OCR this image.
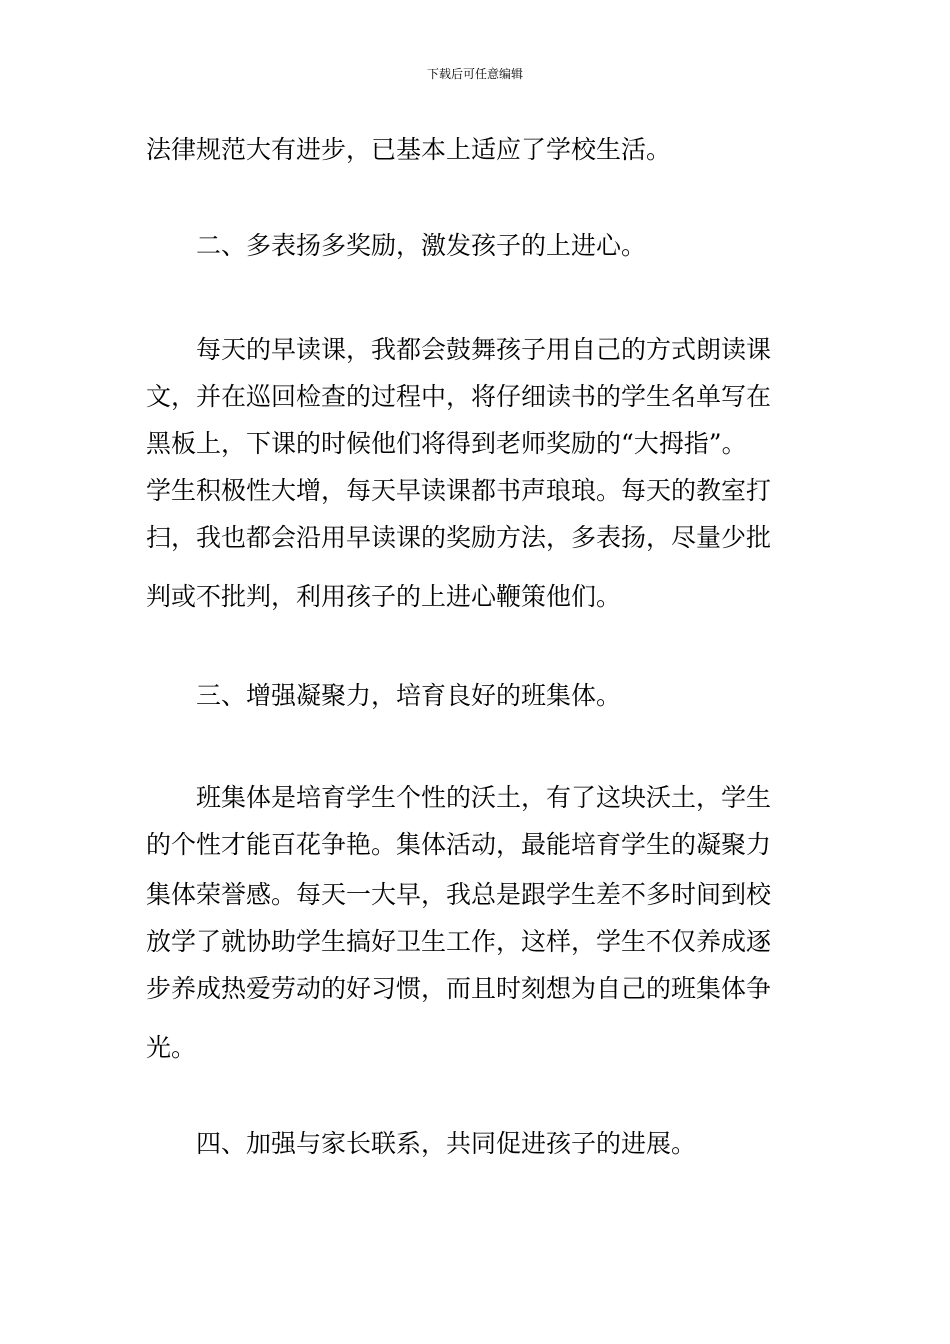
下载后可任意编辑
法律规范大有进步，已基本上适应了学校生活。
二、多表扬多奖励，激发孩子的上进心。
每天的早读课，我都会鼓舞孩子用自己的方式朗读课
文，并在巡回检查的过程中，将仔细读书的学生名单写在
黑板上，下课的时候他们将得到老师奖励的“大拇指”。
学生积极性大增，每天早读课都书声琅琅。每天的教室打
扫，我也都会沿用早读课的奖励方法，多表扬，尽量少批
判或不批判，利用孩子的上进心鞭策他们。
三、增强凝聚力，培育良好的班集体。
班集体是培育学生个性的沃土，有了这块沃土，学生
的个性才能百花争艳。集体活动，最能培育学生的凝聚力
集体荣誉感。每天一大早，我总是跟学生差不多时间到校
放学了就协助学生搞好卫生工作，这样，学生不仅养成逐
步养成热爱劳动的好习惯，而且时刻想为自己的班集体争
光。
四、加强与家长联系，共同促进孩子的进展。
